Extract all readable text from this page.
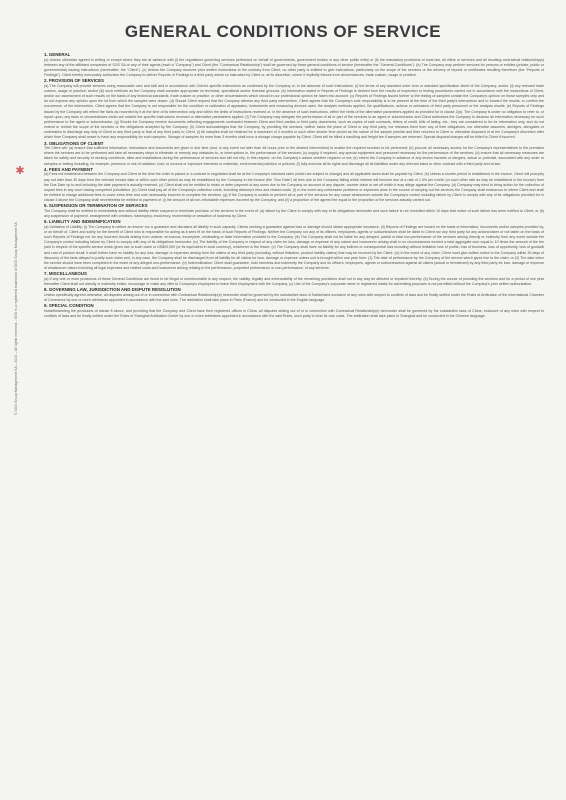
✱
© SGS Group Management SA – 2015 – All rights reserved – SGS is a registered trademark of SGS Group Management SA
GENERAL CONDITIONS OF SERVICE
1. GENERAL
(a) Unless otherwise agreed in writing or except where they are at variance with (i) the regulations governing services performed on behalf of governments, government bodies or any other public entity or (ii) the mandatory provisions of local law, all offers or services and all resulting contractual relationship(s) between any of the affiliated companies of SGS SA or any of their agents (each a "Company") and Client (the "Contractual Relationship") shall be governed by these general conditions of service (hereinafter the "General Conditions"). (b) The Company may perform services for persons or entities (private, public or governmental) issuing instructions (hereinafter, the "Client"). (c) Unless the Company receives prior written instructions to the contrary from Client, no other party is entitled to give instructions, particularly on the scope of the services or the delivery of reports or certificates resulting therefrom (the "Reports of Findings"). Client hereby irrevocably authorizes the Company to deliver Reports of Findings to a third party where so instructed by Client or, at its discretion, where it implicitly follows from circumstances, trade custom, usage or practice.
2. PROVISION OF SERVICES
(a) The Company will provide services using reasonable care and skill and in accordance with Client's specific instructions as confirmed by the Company or, in the absence of such instructions: (i) the terms of any standard order form or standard specification sheet of the Company; and/or (ii) any relevant trade custom, usage or practice; and/or (iii) such methods as the Company shall consider appropriate on technical, operational and/or financial grounds. (b) Information stated in Reports of Findings is derived from the results of inspection or testing procedures carried out in accordance with the instructions of Client, and/or our assessment of such results on the basis of any technical standards, trade custom or practice, or other circumstances which should in our professional opinion be taken into account. (c) Reports of Findings issued further to the testing of samples contain the Company's opinion on those samples only and do not express any opinion upon the lot from which the samples were drawn. (d) Should Client request that the Company witness any third party intervention, Client agrees that the Company's sole responsibility is to be present at the time of the third party's intervention and to forward the results, or confirm the occurrence, of the intervention. Client agrees that the Company is not responsible for the condition or calibration of apparatus, instruments and measuring devices used, the analysis methods applied, the qualifications, actions or omissions of third party personnel or the analysis results. (e) Reports of Findings issued by the Company will reflect the facts as recorded by it at the time of its intervention only and within the limits of instructions received or, in the absence of such instructions, within the limits of the alternative parameters applied as provided for in clause 2(a). The Company is under no obligation to refer to, or report upon, any facts or circumstances which are outside the specific instructions received or alternative parameters applied. (f) The Company may delegate the performance of all or part of the services to an agent or subcontractor and Client authorises the Company to disclose all information necessary for such performance to the agent or subcontractor. (g) Should the Company receive documents reflecting engagements contracted between Client and third parties or third party documents, such as copies of sale contracts, letters of credit, bills of lading, etc., they are considered to be for information only, and do not extend or restrict the scope of the services or the obligations accepted by the Company. (h) Client acknowledges that the Company, by providing the services, neither takes the place of Client or any third party, nor releases them from any of their obligations, nor otherwise assumes, abridges, abrogates or undertakes to discharge any duty of Client to any third party or that of any third party to Client. (i) All samples shall be retained for a maximum of 3 months or such other shorter time period as the nature of the sample permits and then returned to Client or otherwise disposed of at the Company's discretion after which time Company shall cease to have any responsibility for such samples. Storage of samples for more than 3 months shall incur a storage charge payable by Client. Client will be billed a handling and freight fee if samples are returned. Special disposal charges will be billed to Client if incurred.
3. OBLIGATIONS OF CLIENT
The Client will: (a) ensure that sufficient information, instructions and documents are given in due time (and, in any event not later than 48 hours prior to the desired intervention) to enable the required services to be performed; (b) procure all necessary access for the Company's representatives to the premises where the services are to be performed and take all necessary steps to eliminate or remedy any obstacles to, or interruptions in, the performance of the services; (c) supply, if required, any special equipment and personnel necessary for the performance of the services; (d) ensure that all necessary measures are taken for safety and security of working conditions, sites and installations during the performance of services and will not rely, in this respect, on the Company's advice whether required or not; (e) inform the Company in advance of any known hazards or dangers, actual or potential, associated with any order or samples or testing including, for example, presence or risk of radiation, toxic or noxious or explosive elements or materials, environmental pollution or poisons; (f) fully exercise all its rights and discharge all its liabilities under any relevant sales or other contract with a third party and at law.
4. FEES AND PAYMENT
(a) Fees not established between the Company and Client at the time the order is placed or a contract is negotiated shall be at the Company's standard rates (which are subject to change) and all applicable taxes shall be payable by Client. (b) Unless a shorter period is established in the invoice, Client will promptly pay not later than 30 days from the relevant invoice date or within such other period as may be established by the Company in the invoice (the "Due Date") all fees due to the Company failing which interest will become due at a rate of 1.5% per month (or such other rate as may be established in the invoice) from the Due Date up to and including the date payment is actually received. (c) Client shall not be entitled to retain or defer payment of any sums due to the Company on account of any dispute, counter claim or set off which it may allege against the Company. (d) Company may elect to bring action for the collection of unpaid fees in any court having competent jurisdiction. (e) Client shall pay all of the Company's collection costs, including attorney's fees and related costs. (f) In the event any unforeseen problems or expenses arise in the course of carrying out the services the Company shall endeavour to inform Client and shall be entitled to charge additional fees to cover extra time and cost necessarily incurred to complete the services. (g) If the Company is unable to perform all or part of the services for any cause whatsoever outside the Company's control including failure by Client to comply with any of its obligations provided for in clause 3 above the Company shall nevertheless be entitled to payment of: (i) the amount of all non-refundable expenses incurred by the Company; and (ii) a proportion of the agreed fee equal to the proportion of the services actually carried out.
5. SUSPENSION OR TERMINATION OF SERVICES
The Company shall be entitled to immediately and without liability either suspend or terminate provision of the services in the event of: (a) failure by the Client to comply with any of its obligations hereunder and such failure is not remedied within 10 days that notice of such failure has been notified to Client; or (b) any suspension of payment, arrangement with creditors, bankruptcy, insolvency, receivership or cessation of business by Client.
6. LIABILITY AND INDEMNIFICATION
(a) Limitation of Liability: (i) The Company is neither an insurer nor a guarantor and disclaims all liability in such capacity. Clients seeking a guarantee against loss or damage should obtain appropriate insurance. (ii) Reports of Findings are issued on the basis of information, documents and/or samples provided by, or on behalf of, Client and solely for the benefit of Client who is responsible for acting as it sees fit on the basis of such Reports of Findings. Neither the Company nor any of its officers, employees, agents or subcontractors shall be liable to Client nor any third party for any actions taken or not taken on the basis of such Reports of Findings nor for any incorrect results arising from unclear, erroneous, incomplete, misleading or false information provided to the Company. (iii) The Company shall not be liable for any delayed, partial or total non-performance of the services arising directly or indirectly from any event outside the Company's control including failure by Client to comply with any of its obligations hereunder. (iv) The liability of the Company in respect of any claim for loss, damage or expense of any nature and howsoever arising shall in no circumstances exceed a total aggregate sum equal to 10 times the amount of the fee paid in respect of the specific service which gives rise to such claim or US$20,000 (or its equivalent in local currency), whichever is the lesser. (v) The Company shall have no liability for any indirect or consequential loss including without limitation loss of profits, loss of business, loss of opportunity, loss of goodwill and cost of product recall. It shall further have no liability for any loss, damage or expenses arising from the claims of any third party (including, without limitation, product liability claims) that may be incurred by the Client. (vi) In the event of any claim, Client must give written notice to the Company within 30 days of discovery of the facts alleged to justify such claim and, in any case, the Company shall be discharged from all liability for all claims for loss, damage or expense unless suit is brought within one year from: (1) The date of performance by the Company of the service which gives rise to the claim; or (2) The date when the service should have been completed in the event of any alleged non-performance. (b) Indemnification: Client shall guarantee, hold harmless and indemnify the Company and its officers, employees, agents or subcontractors against all claims (actual or threatened) by any third party for loss, damage or expense of whatsoever nature including all legal expenses and related costs and howsoever arising relating to the performance, purported performance or non-performance, of any services.
7. MISCELLANEOUS
(a) If any one or more provisions of these General Conditions are found to be illegal or unenforceable in any respect, the validity, legality and enforceability of the remaining provisions shall not in any way be affected or impaired thereby. (b) During the course of providing the services and for a period of one year thereafter Client shall not directly or indirectly entice, encourage or make any offer to Company's employees to leave their employment with the Company. (c) Use of the Company's corporate name or registered marks for advertising purposes is not permitted without the Company's prior written authorisation.
8. GOVERNING LAW, JURISDICTION AND DISPUTE RESOLUTION
Unless specifically agreed otherwise, all disputes arising out of or in connection with Contractual Relationship(s) hereunder shall be governed by the substantive laws of Switzerland exclusive of any rules with respect to conflicts of laws and be finally settled under the Rules of Arbitration of the International Chamber of Commerce by one or more arbitrators appointed in accordance with the said rules. The arbitration shall take place in Paris (France) and be conducted in the English language.
9. SPECIAL CONDITION
Notwithstanding the provisions of clause 8 above, and providing that the Company and Client have their registered offices in China, all disputes arising out of or in connection with Contractual Relationship(s) hereunder shall be governed by the substantive laws of China, exclusive of any rules with respect to conflicts of laws and be finally settled under the Rules of Shanghai Arbitration Center by one or more arbitrators appointed in accordance with the said Rules, such party to bear its own costs. The arbitration shall take place in Shanghai and be conducted in the Chinese language.
